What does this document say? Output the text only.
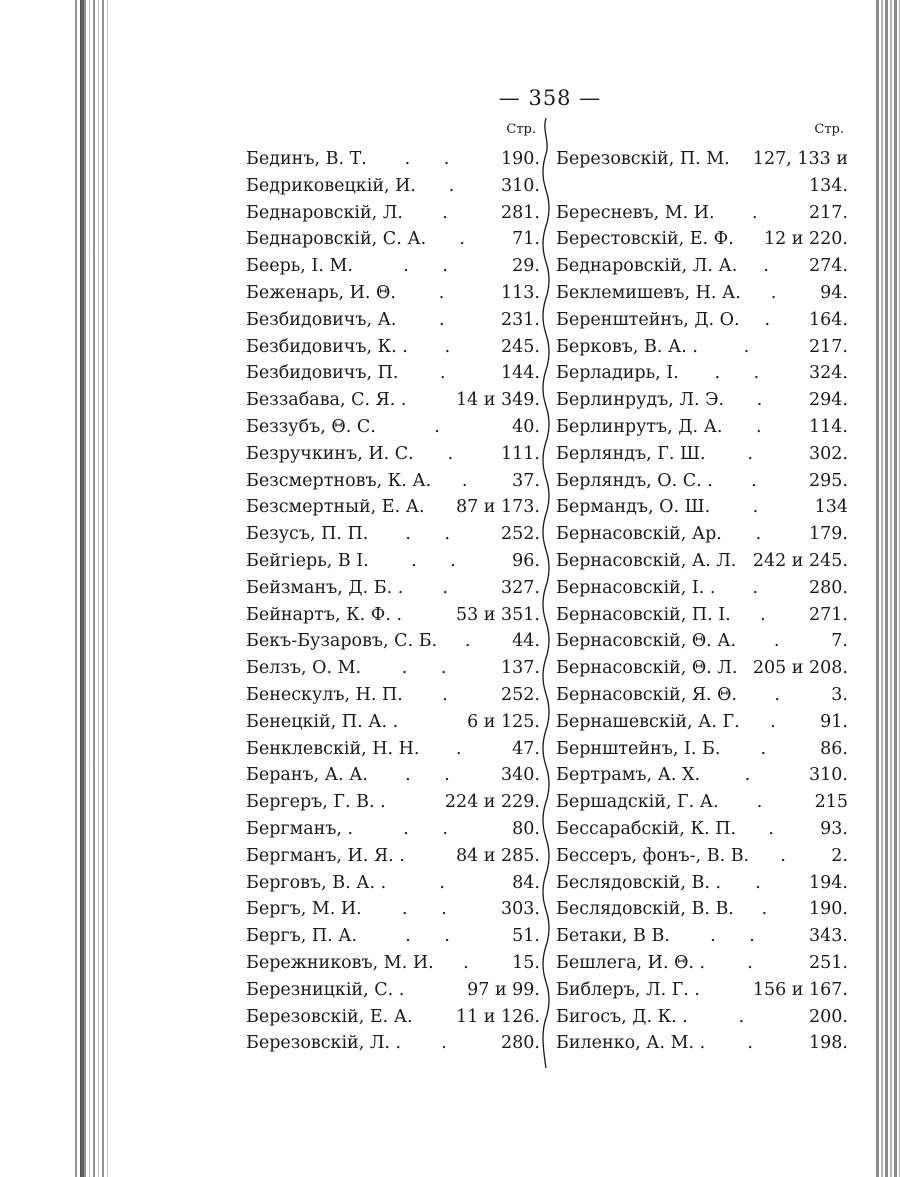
— 358 —
Стр.
Бединъ, В. Т.	. .	190.
Бедриковецкій, И.	.	310.
Беднаровскій, Л.	.	281.
Беднаровскій, С. А.	.	71.
Беерь, I. М.	. .	29.
Беженарь, И. Θ.	.	113.
Безбидовичъ, А.	.	231.
Безбидовичъ, К. .	.	245.
Безбидовичъ, П.	.	144.
Беззабава, С. Я. .	14 и 349.
Беззубъ, Θ. С.	.	40.
Безручкинъ, И. С.	.	111.
Безсмертновъ, К. А.	.	37.
Безсмертный, Е. А. 87 и 173.
Безусъ, П. П.	. .	252.
Бейгіерь, В I.	. .	96.
Бейзманъ, Д. Б. .	.	327.
Бейнартъ, К. Ф. .	53 и 351.
Бекъ-Бузаровъ, С. Б.	.	44.
Белзъ, О. М.	. .	137.
Бенескулъ, Н. П.	.	252.
Бенецкій, П. А. .	6 и 125.
Бенклевскій, Н. Н.	.	47.
Беранъ, А. А.	. .	340.
Бергеръ, Г. В. .	224 и 229.
Бергманъ, .	. .	80.
Бергманъ, И. Я. .	84 и 285.
Берговъ, В. А. .	.	84.
Бергъ, М. И.	. .	303.
Бергъ, П. А.	. .	51.
Бережниковъ, М. И.	.	15.
Березницкій, С. .	97 и 99.
Березовскій, Е. А. 11 и 126.
Березовскій, Л. .	.	280.
Стр.
Березовскій, П. М. 127, 133 и
134.
Бересневъ, М. И.	.	217.
Берестовскій, Е. Ф. 12 и 220.
Беднаровскій, Л. А.	.	274.
Беклемишевъ, Н. А.	.	94.
Беренштейнъ, Д. О.	.	164.
Берковъ, В. А. .	.	217.
Берладирь, I.	. .	324.
Берлинрудъ, Л. Э.	.	294.
Берлинрутъ, Д. А.	.	114.
Берляндъ, Г. Ш.	.	302.
Берляндъ, О. С. .	.	295.
Бермандъ, О. Ш.	.	134
Бернасовскій, Ар.	.	179.
Бернасовскій, А. Л. 242 и 245.
Бернасовскій, I. .	.	280.
Бернасовскій, П. I.	.	271.
Бернасовскій, Θ. А.	.	7.
Бернасовскій, Θ. Л. 205 и 208.
Бернасовскій, Я. Θ.	.	3.
Бернашевскій, А. Г.	.	91.
Бернштейнъ, I. Б.	.	86.
Бертрамъ, А. Х.	.	310.
Бершадскій, Г. А.	.	215
Бессарабскій, К. П.	.	93.
Бессеръ, фонъ-, В. В.	.	2.
Беслядовскій, В. .	.	194.
Беслядовскій, В. В.	.	190.
Бетаки, В В.	. .	343.
Бешлега, И. Θ. .	.	251.
Библеръ, Л. Г. .	156 и 167.
Бигосъ, Д. К. .	.	200.
Биленко, А. М. .	.	198.
